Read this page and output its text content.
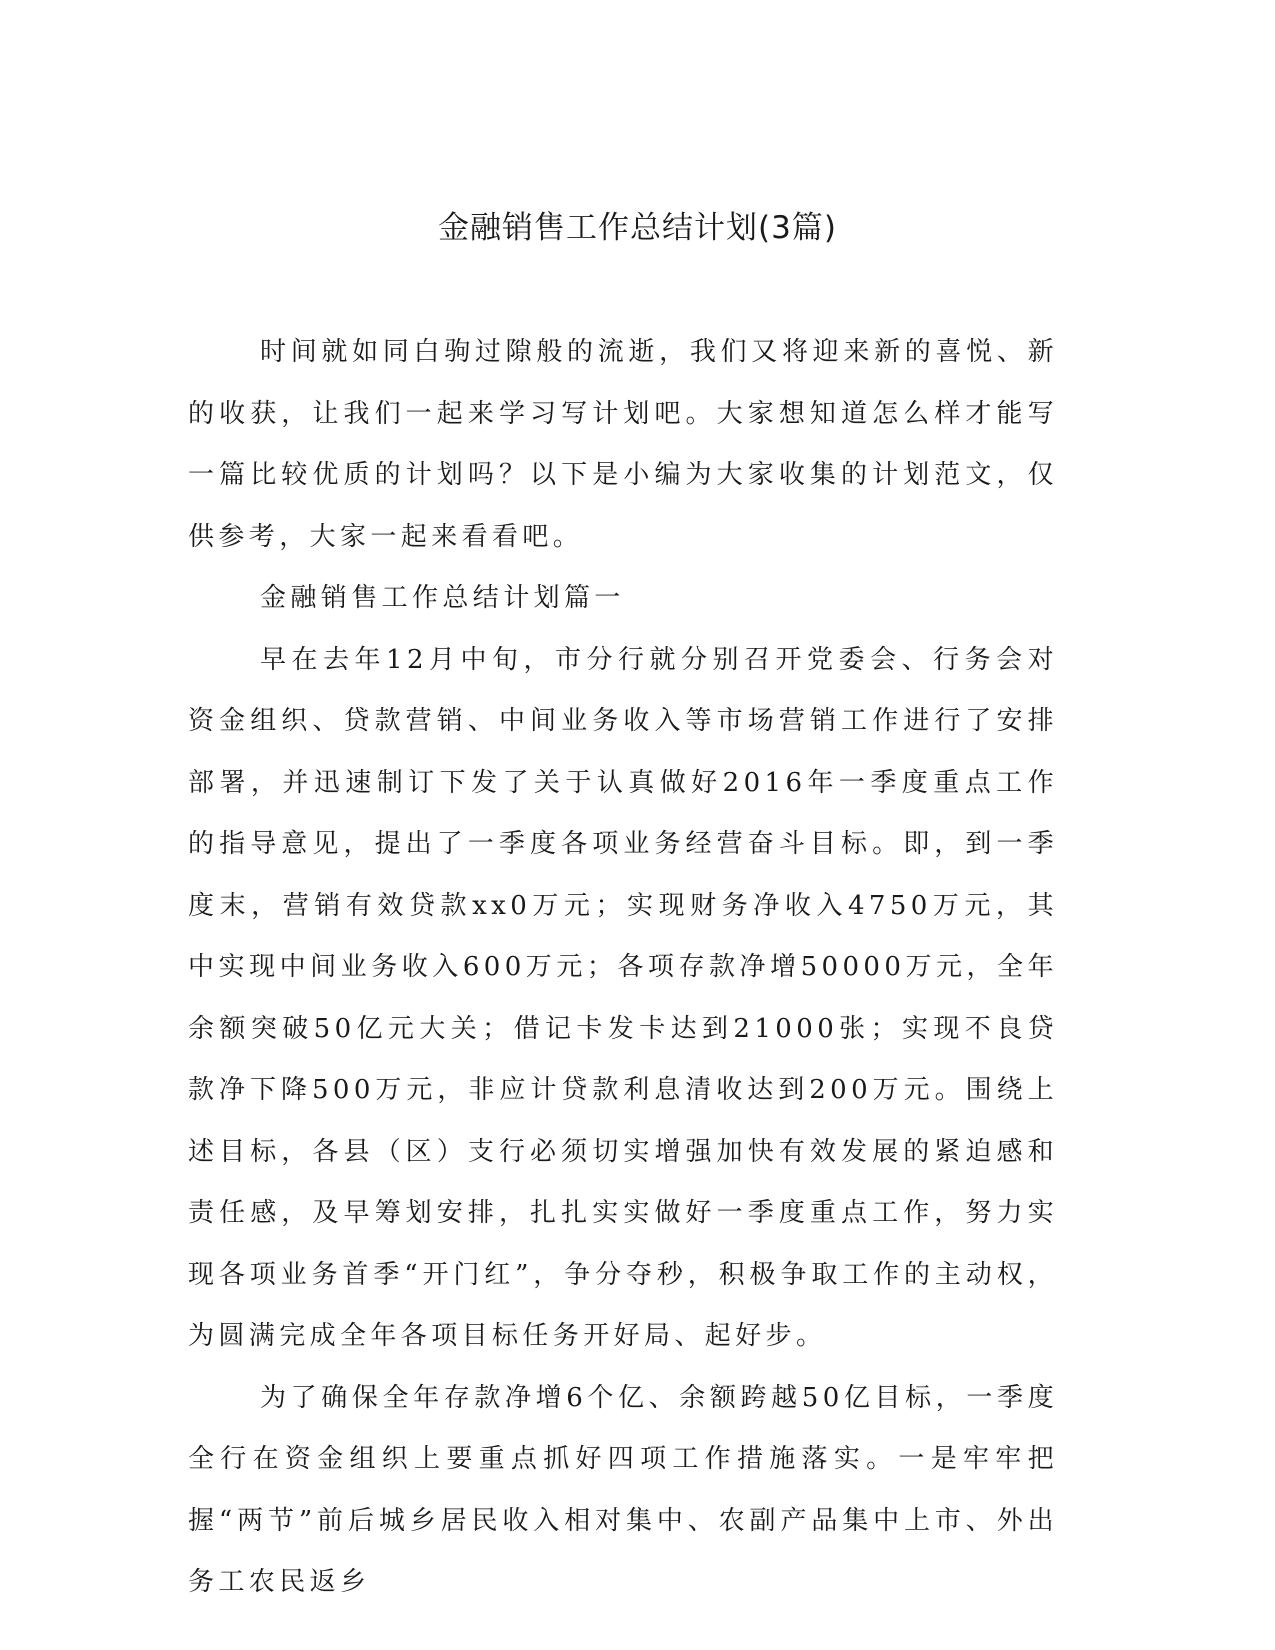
金融销售工作总结计划(3篇)

时间就如同白驹过隙般的流逝，我们又将迎来新的喜悦、新的收获，让我们一起来学习写计划吧。大家想知道怎么样才能写一篇比较优质的计划吗？以下是小编为大家收集的计划范文，仅供参考，大家一起来看看吧。

金融销售工作总结计划篇一

早在去年12月中旬，市分行就分别召开党委会、行务会对资金组织、贷款营销、中间业务收入等市场营销工作进行了安排部署，并迅速制订下发了关于认真做好2016年一季度重点工作的指导意见，提出了一季度各项业务经营奋斗目标。即，到一季度末，营销有效贷款xx0万元；实现财务净收入4750万元，其中实现中间业务收入600万元；各项存款净增50000万元，全年余额突破50亿元大关；借记卡发卡达到21000张；实现不良贷款净下降500万元，非应计贷款利息清收达到200万元。围绕上述目标，各县（区）支行必须切实增强加快有效发展的紧迫感和责任感，及早筹划安排，扎扎实实做好一季度重点工作，努力实现各项业务首季“开门红”，争分夺秒，积极争取工作的主动权，为圆满完成全年各项目标任务开好局、起好步。

为了确保全年存款净增6个亿、余额跨越50亿目标，一季度全行在资金组织上要重点抓好四项工作措施落实。一是牢牢把握“两节”前后城乡居民收入相对集中、农副产品集中上市、外出务工农民返乡
